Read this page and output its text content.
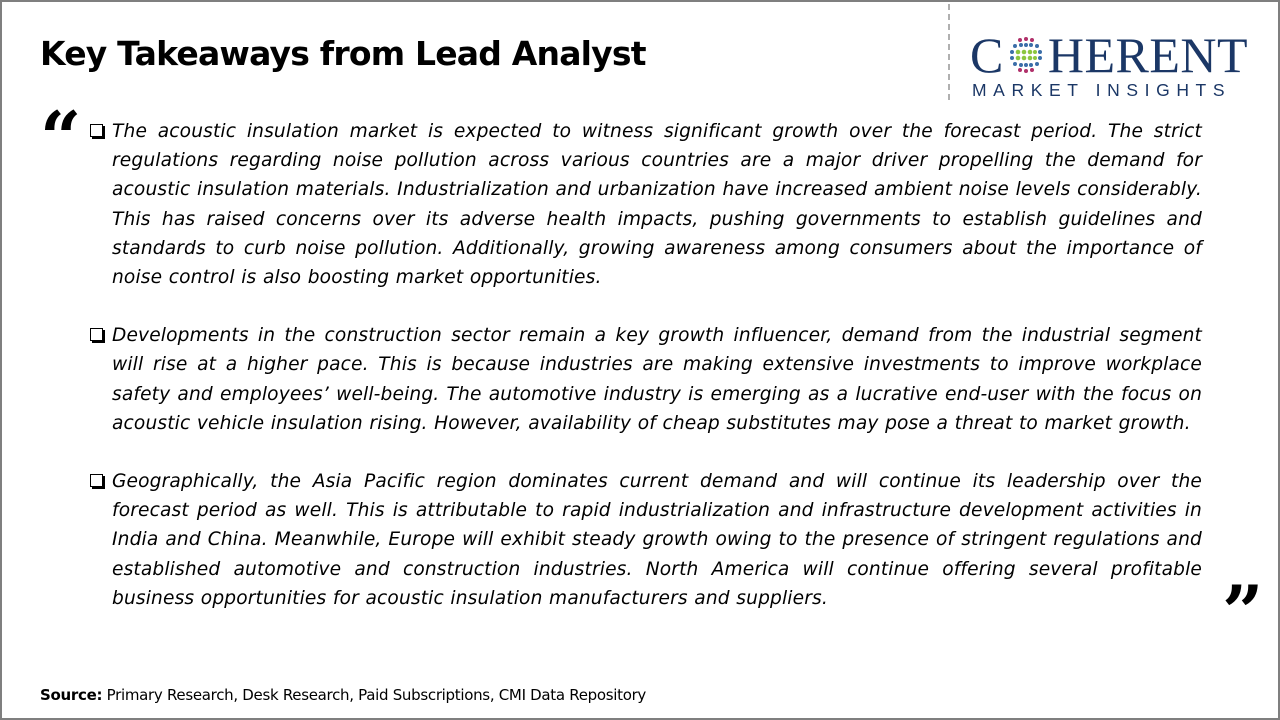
Key Takeaways from Lead Analyst	C HERENT
MARKET INSIGHTS
“ The acoustic insulation market is expected to witness significant growth over the forecast period. The strict regulations regarding noise pollution across various countries are a major driver propelling the demand for acoustic insulation materials. Industrialization and urbanization have increased ambient noise levels considerably. This has raised concerns over its adverse health impacts, pushing governments to establish guidelines and standards to curb noise pollution. Additionally, growing awareness among consumers about the importance of noise control is also boosting market opportunities.
Developments in the construction sector remain a key growth influencer, demand from the industrial segment will rise at a higher pace. This is because industries are making extensive investments to improve workplace safety and employees’ well-being. The automotive industry is emerging as a lucrative end-user with the focus on acoustic vehicle insulation rising. However, availability of cheap substitutes may pose a threat to market growth.
Geographically, the Asia Pacific region dominates current demand and will continue its leadership over the forecast period as well. This is attributable to rapid industrialization and infrastructure development activities in India and China. Meanwhile, Europe will exhibit steady growth owing to the presence of stringent regulations and established automotive and construction industries. North America will continue offering several profitable business opportunities for acoustic insulation manufacturers and suppliers.	”
Source: Primary Research, Desk Research, Paid Subscriptions, CMI Data Repository
